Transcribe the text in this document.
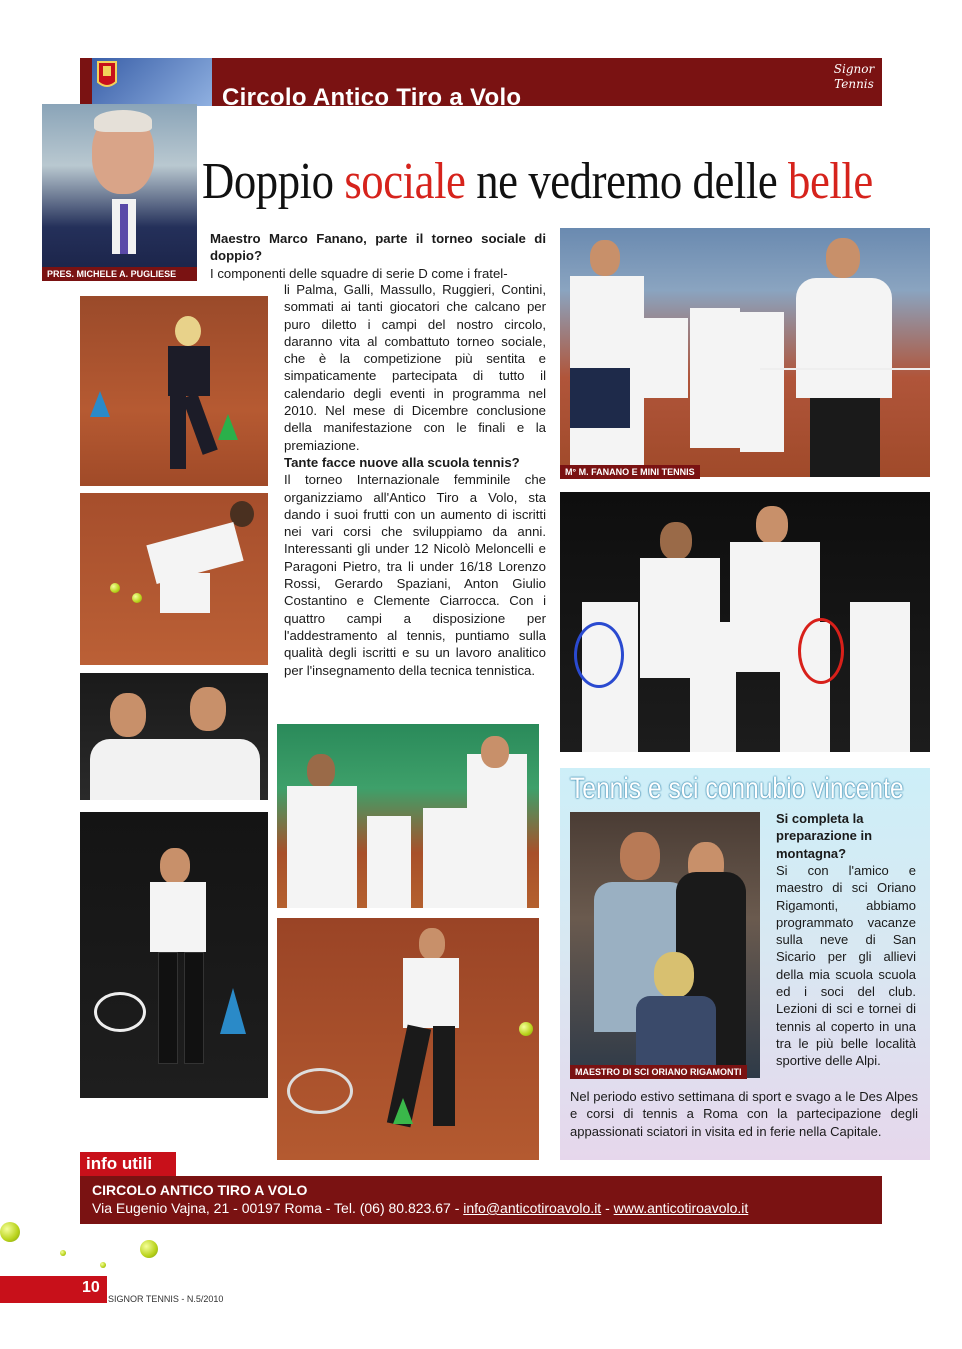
Circolo Antico Tiro a Volo
Signor Tennis
PRES. MICHELE A. PUGLIESE
Doppio sociale ne vedremo delle belle
Maestro Marco Fanano, parte il torneo sociale di doppio?
I componenti delle squadre di serie D come i fratel-
li Palma, Galli, Massullo, Ruggieri, Contini, sommati ai tanti giocatori che calcano per puro diletto i campi del nostro circolo, daranno vita al combattuto torneo sociale, che è la competizione più sentita e simpaticamente partecipata di tutto il calendario degli eventi in programma nel 2010. Nel mese di Dicembre conclusione della manifestazione con le finali e la premiazione.
Tante facce nuove alla scuola tennis?
Il torneo Internazionale femminile che organizziamo all'Antico Tiro a Volo, sta dando i suoi frutti con un aumento di iscritti nei vari corsi che sviluppiamo da anni. Interessanti gli under 12 Nicolò Meloncelli e Paragoni Pietro, tra li under 16/18 Lorenzo Rossi, Gerardo Spaziani, Anton Giulio Costantino e Clemente Ciarrocca. Con i quattro campi a disposizione per l'addestramento al tennis, puntiamo sulla qualità degli iscritti e su un lavoro analitico per l'insegnamento della tecnica tennistica.
M° M. FANANO E MINI TENNIS
Tennis e sci connubio vincente
MAESTRO DI SCI ORIANO RIGAMONTI
Si completa la preparazione in montagna?
Si con l'amico e maestro di sci Oriano Rigamonti, abbiamo programmato vacanze sulla neve di San Sicario per gli allievi della mia scuola scuola ed i soci del club. Lezioni di sci e tornei di tennis al coperto in una tra le più belle località sportive delle Alpi.
Nel periodo estivo settimana di sport e svago a le Des Alpes e corsi di tennis a Roma con la partecipazione degli appassionati sciatori in visita ed in ferie nella Capitale.
info utili
CIRCOLO ANTICO TIRO A VOLO
Via Eugenio Vajna, 21 - 00197 Roma - Tel. (06) 80.823.67 - info@anticotiroavolo.it - www.anticotiroavolo.it
10
SIGNOR TENNIS - N.5/2010
